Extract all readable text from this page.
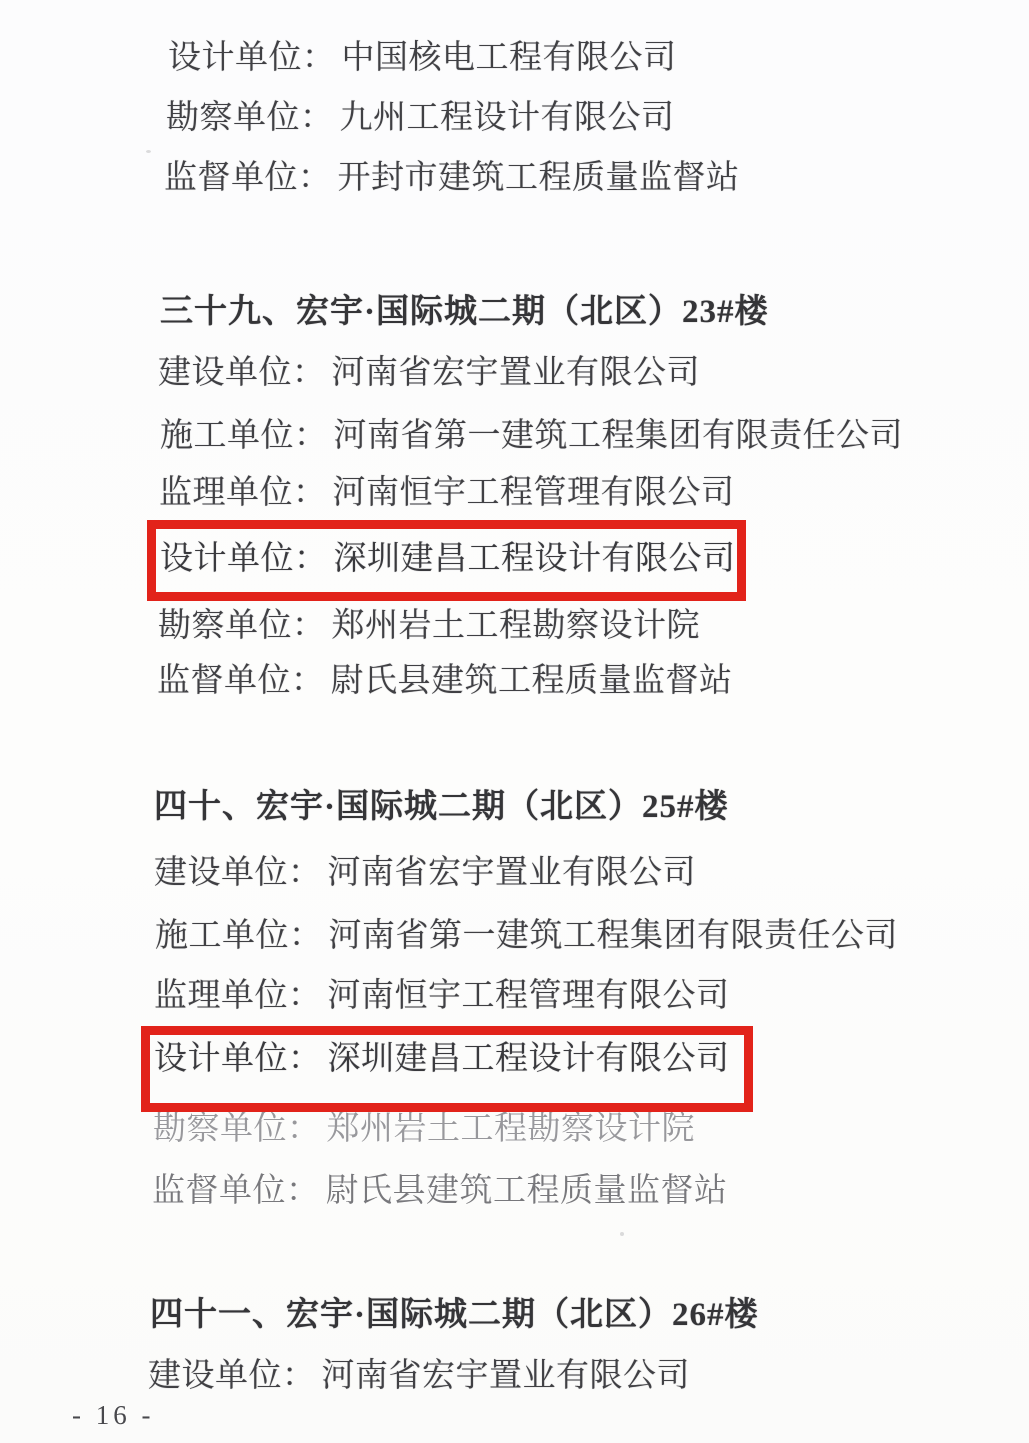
设计单位： 中国核电工程有限公司
勘察单位： 九州工程设计有限公司
监督单位： 开封市建筑工程质量监督站
三十九、宏宇·国际城二期（北区）23#楼
建设单位： 河南省宏宇置业有限公司
施工单位： 河南省第一建筑工程集团有限责任公司
监理单位： 河南恒宇工程管理有限公司
设计单位： 深圳建昌工程设计有限公司
勘察单位： 郑州岩土工程勘察设计院
监督单位： 尉氏县建筑工程质量监督站
四十、宏宇·国际城二期（北区）25#楼
建设单位： 河南省宏宇置业有限公司
施工单位： 河南省第一建筑工程集团有限责任公司
监理单位： 河南恒宇工程管理有限公司
设计单位： 深圳建昌工程设计有限公司
勘察单位： 郑州岩土工程勘察设计院
监督单位： 尉氏县建筑工程质量监督站
四十一、宏宇·国际城二期（北区）26#楼
建设单位： 河南省宏宇置业有限公司
- 16 -
